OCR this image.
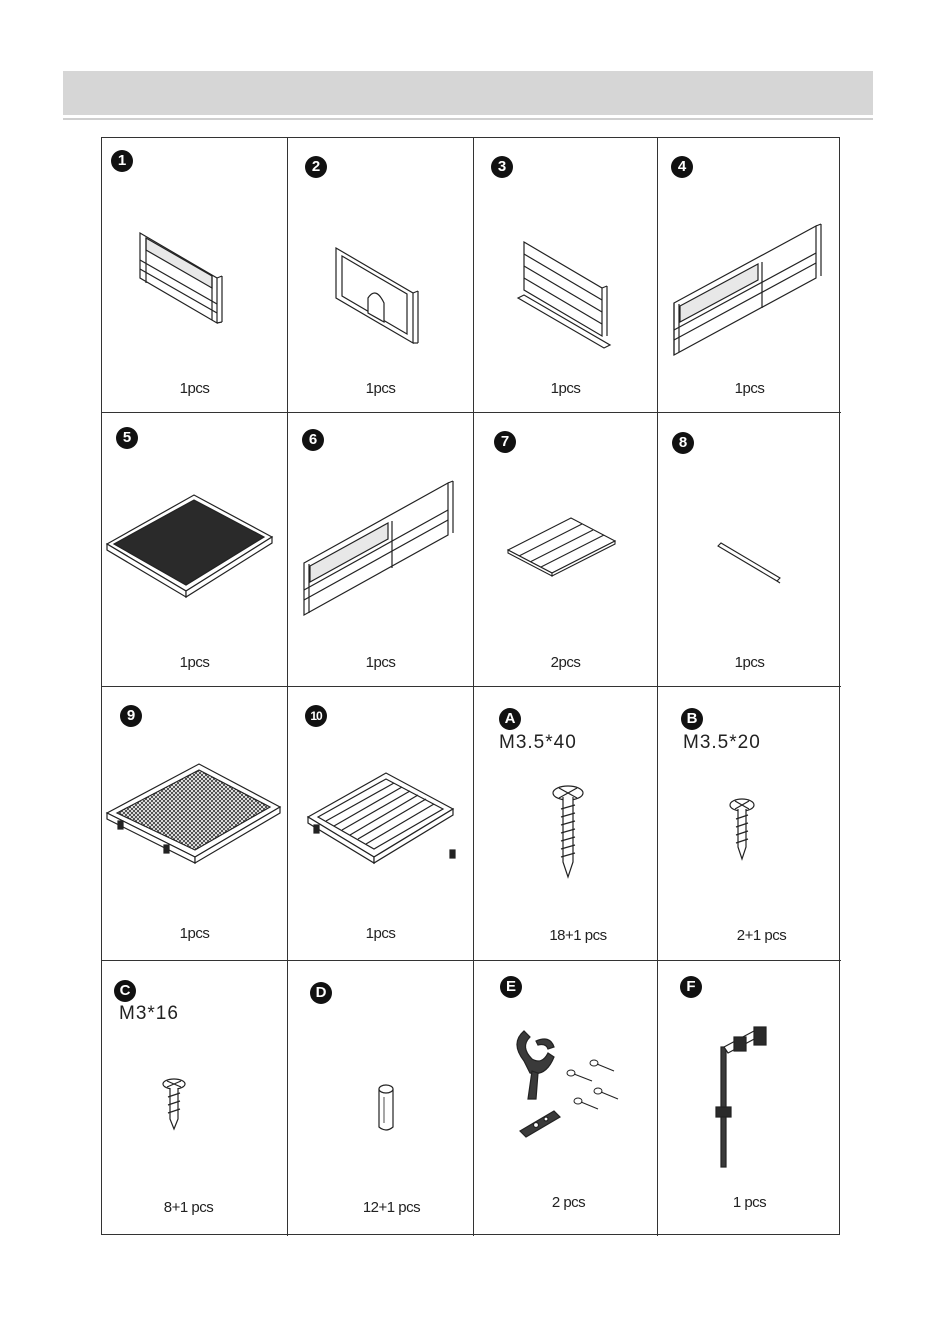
1
1pcs
2
1pcs
3
1pcs
4
1pcs
5
1pcs
6
1pcs
7
2pcs
8
1pcs
9
1pcs
10
1pcs
A
M3.5*40
18+1 pcs
B
M3.5*20
2+1 pcs
C
M3*16
8+1 pcs
D
12+1 pcs
E
2 pcs
F
1 pcs
